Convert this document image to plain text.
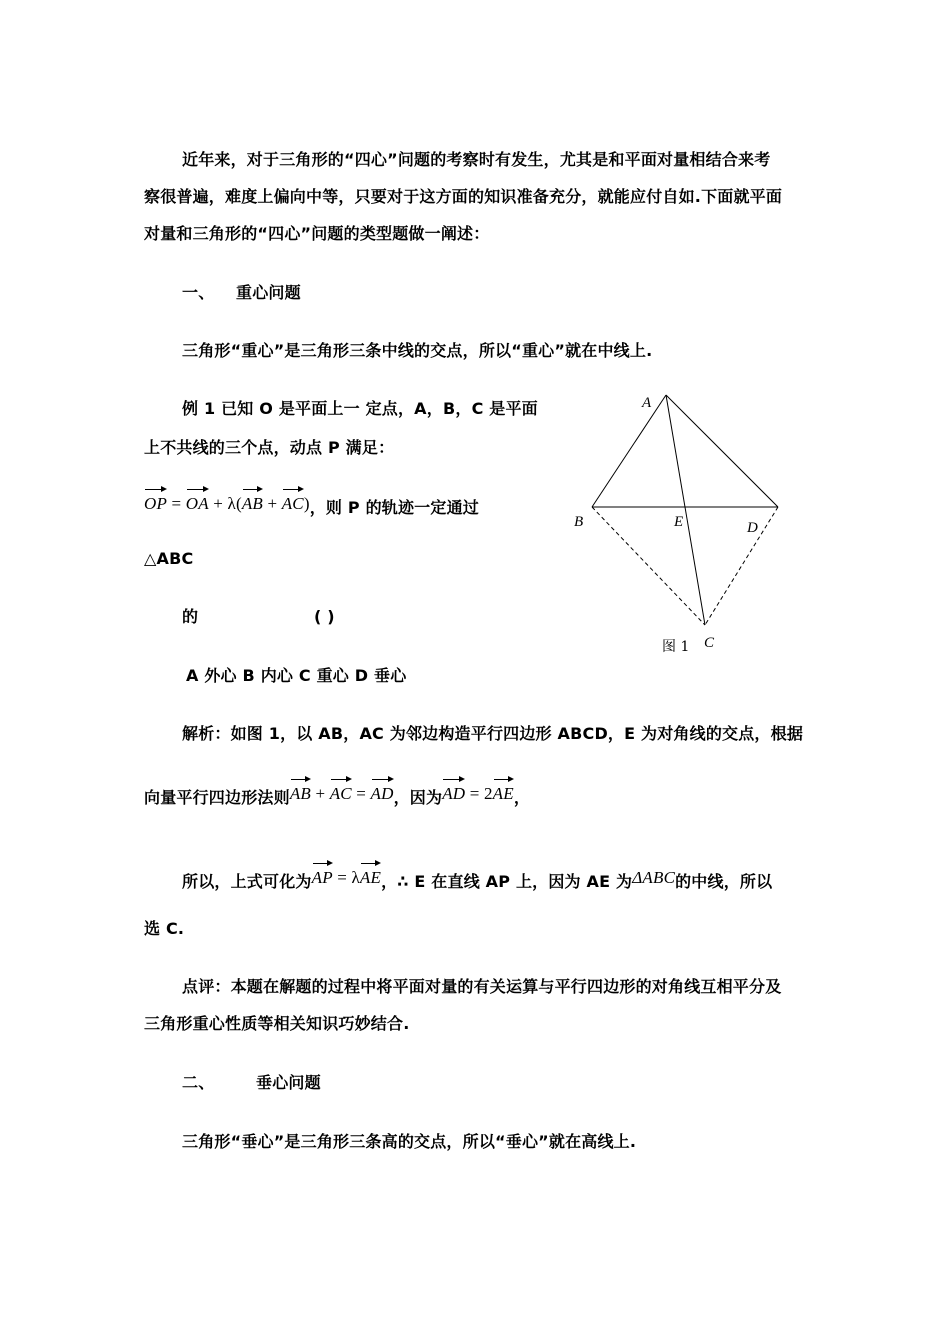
近年来，对于三角形的“四心”问题的考察时有发生，尤其是和平面对量相结合来考
察很普遍，难度上偏向中等，只要对于这方面的知识准备充分，就能应付自如.下面就平面
对量和三角形的“四心”问题的类型题做一阐述：
一、 重心问题
三角形“重心”是三角形三条中线的交点，所以“重心”就在中线上.
例 1 已知 O 是平面上一 定点，A，B，C 是平面
上不共线的三个点，动点 P 满足：
OP = OA + λ(AB + AC)，则 P 的轨迹一定通过
△ABC
的	( )
A 外心 B 内心 C 重心 D 垂心
A
B	E	D
C
图 1
解析：如图 1，以 AB，AC 为邻边构造平行四边形 ABCD，E 为对角线的交点，根据
向量平行四边形法则AB + AC = AD，因为AD = 2AE，
所以，上式可化为AP = λAE，∴ E 在直线 AP 上，因为 AE 为ΔABC的中线，所以
选 C.
点评：本题在解题的过程中将平面对量的有关运算与平行四边形的对角线互相平分及
三角形重心性质等相关知识巧妙结合.
二、	垂心问题
三角形“垂心”是三角形三条高的交点，所以“垂心”就在高线上.
